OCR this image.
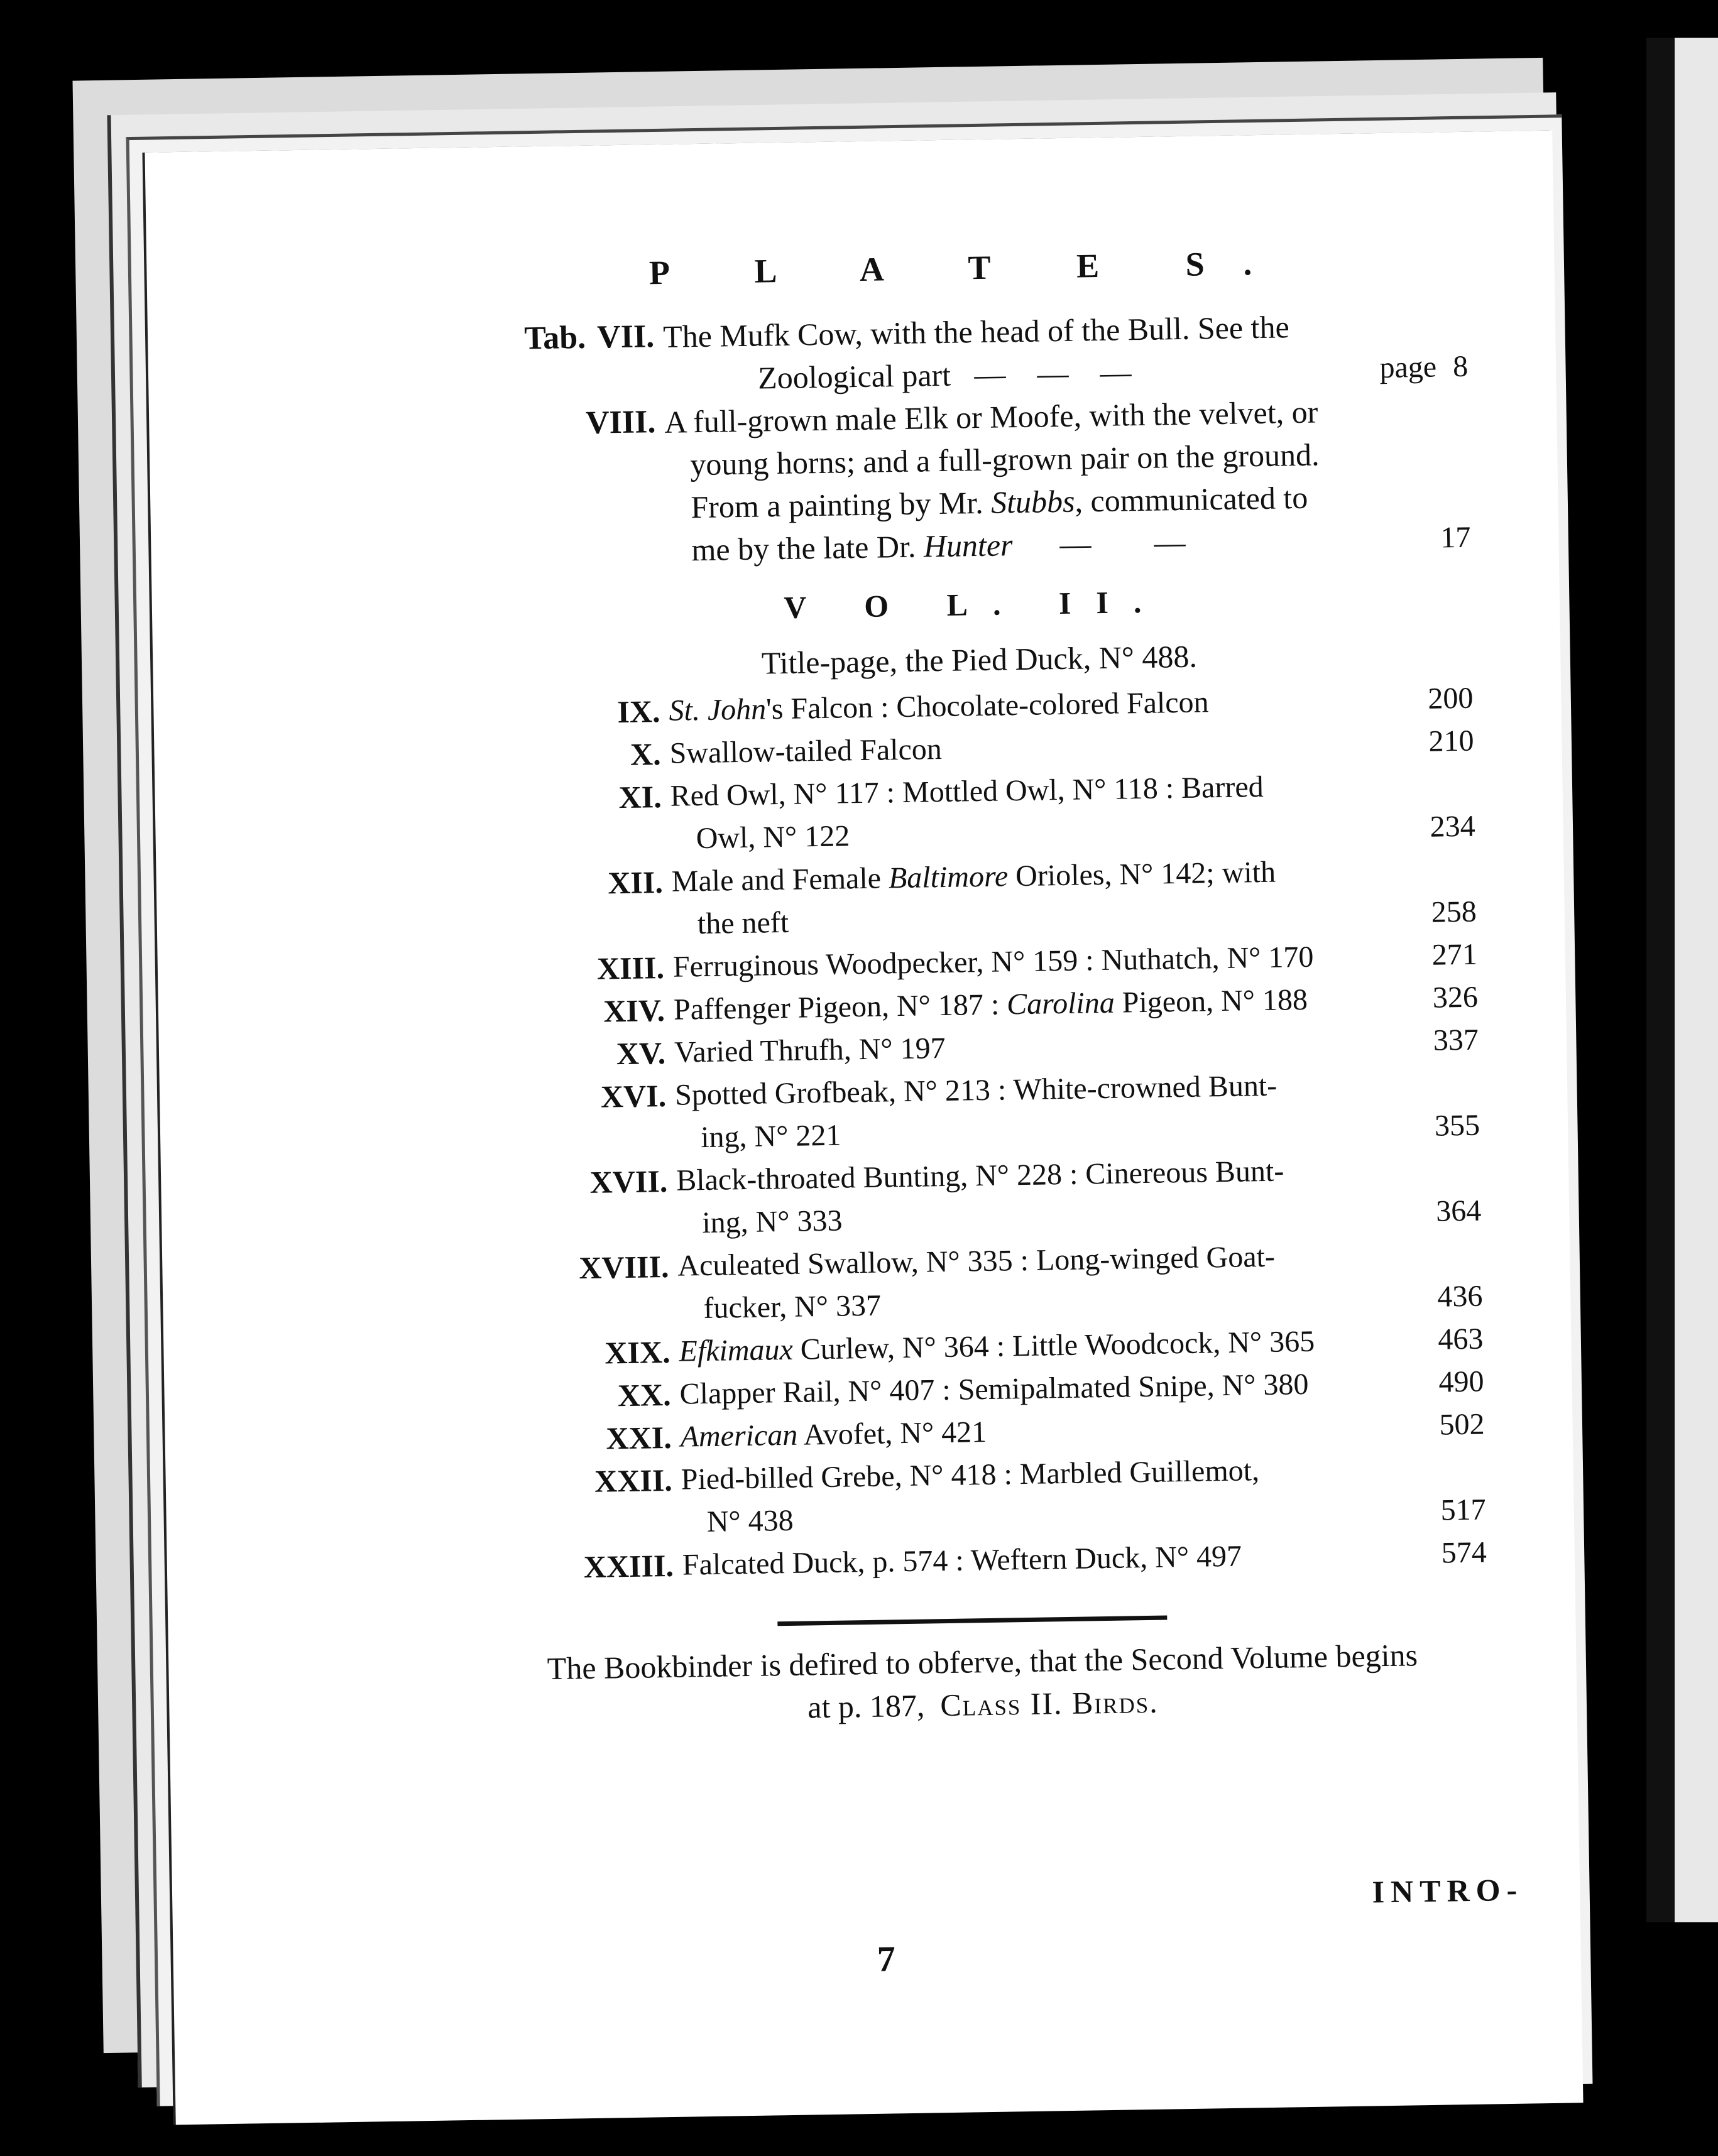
P L A T E S.
Tab. VII. The Mufk Cow, with the head of the Bull. See the
Zoological part   —    —    —	page 8
VIII. A full-grown male Elk or Moofe, with the velvet, or
young horns; and a full-grown pair on the ground.
From a painting by Mr. Stubbs, communicated to
me by the late Dr. Hunter      —        —	17
V O L. II.
Title-page, the Pied Duck, N° 488.
IX. St. John's Falcon : Chocolate-colored Falcon	200
X. Swallow-tailed Falcon	210
XI. Red Owl, N° 117 : Mottled Owl, N° 118 : Barred
Owl, N° 122	234
XII. Male and Female Baltimore Orioles, N° 142; with
the neft	258
XIII. Ferruginous Woodpecker, N° 159 : Nuthatch, N° 170	271
XIV. Paffenger Pigeon, N° 187 : Carolina Pigeon, N° 188	326
XV. Varied Thrufh, N° 197	337
XVI. Spotted Grofbeak, N° 213 : White-crowned Bunt-
ing, N° 221	355
XVII. Black-throated Bunting, N° 228 : Cinereous Bunt-
ing, N° 333	364
XVIII. Aculeated Swallow, N° 335 : Long-winged Goat-
fucker, N° 337	436
XIX. Efkimaux Curlew, N° 364 : Little Woodcock, N° 365	463
XX. Clapper Rail, N° 407 : Semipalmated Snipe, N° 380	490
XXI. American Avofet, N° 421	502
XXII. Pied-billed Grebe, N° 418 : Marbled Guillemot,
N° 438	517
XXIII. Falcated Duck, p. 574 : Weftern Duck, N° 497	574
The Bookbinder is defired to obferve, that the Second Volume begins
at p. 187, Class II. Birds.
INTRO-
7
